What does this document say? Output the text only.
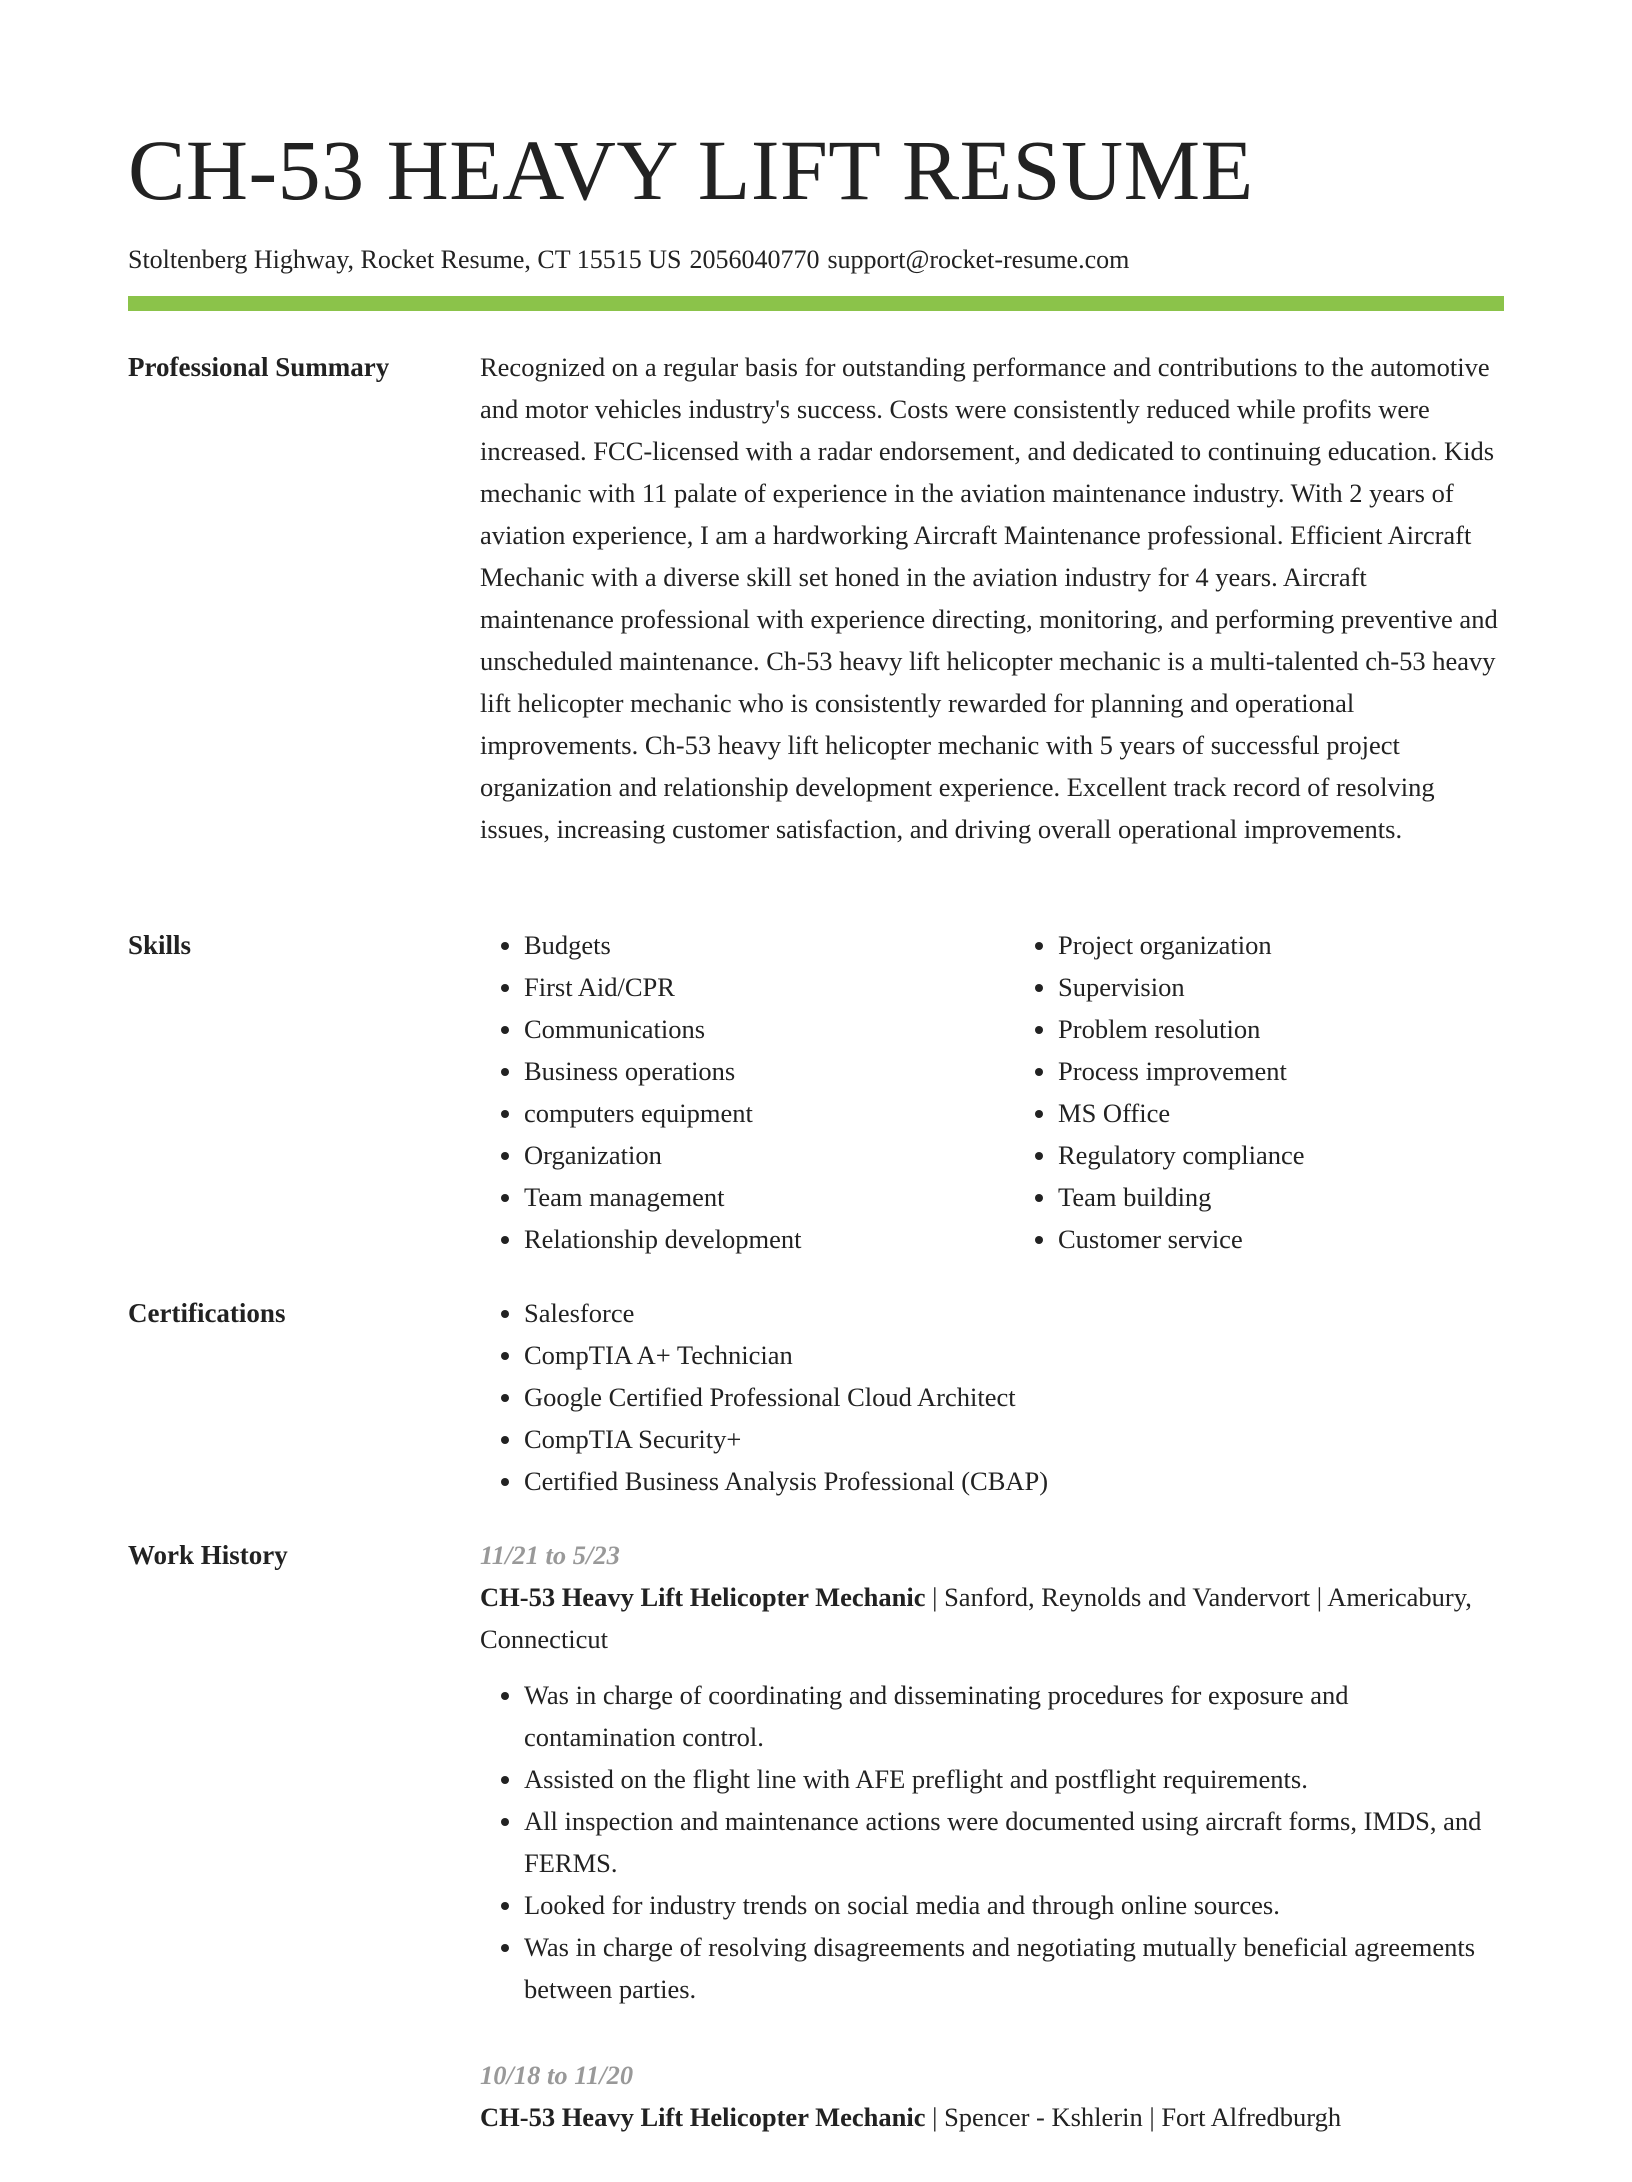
CH-53 HEAVY LIFT RESUME
Stoltenberg Highway, Rocket Resume, CT 15515 US 2056040770 support@rocket-resume.com
Professional Summary	Recognized on a regular basis for outstanding performance and contributions to the automotive and motor vehicles industry's success. Costs were consistently reduced while profits were increased. FCC-licensed with a radar endorsement, and dedicated to continuing education. Kids mechanic with 11 palate of experience in the aviation maintenance industry. With 2 years of aviation experience, I am a hardworking Aircraft Maintenance professional. Efficient Aircraft Mechanic with a diverse skill set honed in the aviation industry for 4 years. Aircraft maintenance professional with experience directing, monitoring, and performing preventive and unscheduled maintenance. Ch-53 heavy lift helicopter mechanic is a multi-talented ch-53 heavy lift helicopter mechanic who is consistently rewarded for planning and operational improvements. Ch-53 heavy lift helicopter mechanic with 5 years of successful project organization and relationship development experience. Excellent track record of resolving issues, increasing customer satisfaction, and driving overall operational improvements.

Skills	• Budgets
• First Aid/CPR
• Communications
• Business operations
• computers equipment
• Organization
• Team management
• Relationship development
• Project organization
• Supervision
• Problem resolution
• Process improvement
• MS Office
• Regulatory compliance
• Team building
• Customer service
Certifications	• Salesforce
• CompTIA A+ Technician
• Google Certified Professional Cloud Architect
• CompTIA Security+
• Certified Business Analysis Professional (CBAP)
Work History	11/21 to 5/23
CH-53 Heavy Lift Helicopter Mechanic | Sanford, Reynolds and Vandervort | Americabury, Connecticut
• Was in charge of coordinating and disseminating procedures for exposure and contamination control.
• Assisted on the flight line with AFE preflight and postflight requirements.
• All inspection and maintenance actions were documented using aircraft forms, IMDS, and FERMS.
• Looked for industry trends on social media and through online sources.
• Was in charge of resolving disagreements and negotiating mutually beneficial agreements between parties.
10/18 to 11/20
CH-53 Heavy Lift Helicopter Mechanic | Spencer - Kshlerin | Fort Alfredburgh
